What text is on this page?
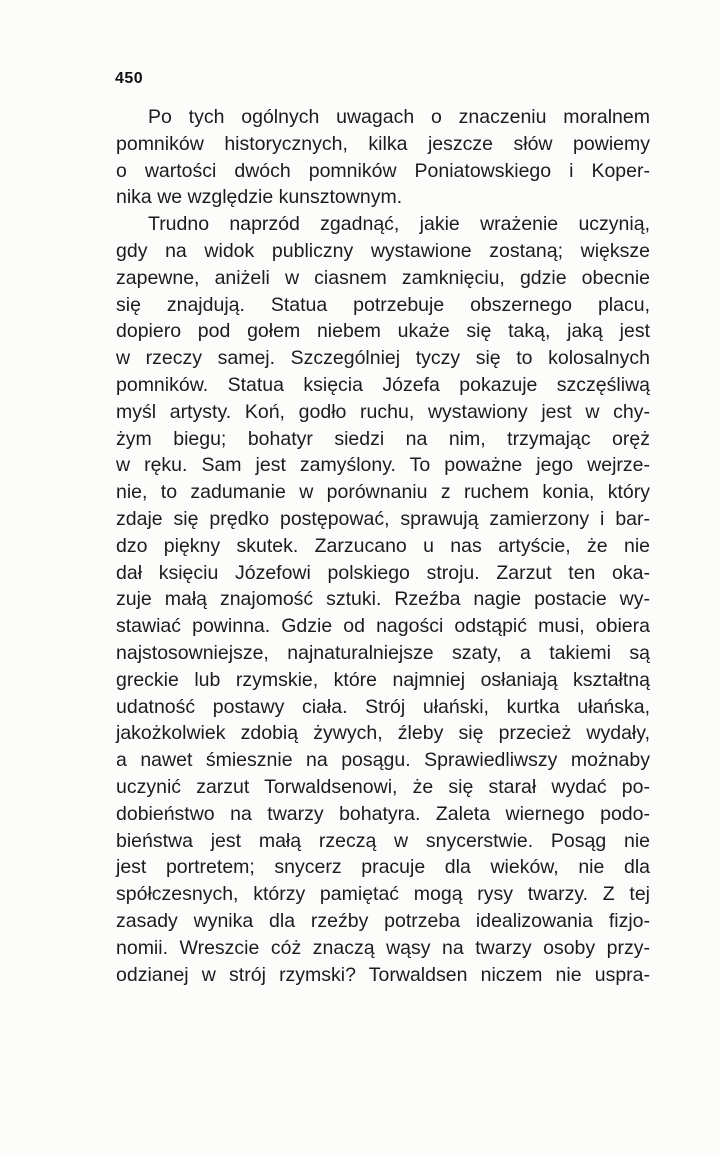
450
Po tych ogólnych uwagach o znaczeniu moralnem
pomników historycznych, kilka jeszcze słów powiemy
o wartości dwóch pomników Poniatowskiego i Koper-
nika we względzie kunsztownym.
Trudno naprzód zgadnąć, jakie wrażenie uczynią,
gdy na widok publiczny wystawione zostaną; większe
zapewne, aniżeli w ciasnem zamknięciu, gdzie obecnie
się znajdują. Statua potrzebuje obszernego placu,
dopiero pod gołem niebem ukaże się taką, jaką jest
w rzeczy samej. Szczególniej tyczy się to kolosalnych
pomników. Statua księcia Józefa pokazuje szczęśliwą
myśl artysty. Koń, godło ruchu, wystawiony jest w chy-
żym biegu; bohatyr siedzi na nim, trzymając oręż
w ręku. Sam jest zamyślony. To poważne jego wejrze-
nie, to zadumanie w porównaniu z ruchem konia, który
zdaje się prędko postępować, sprawują zamierzony i bar-
dzo piękny skutek. Zarzucano u nas artyście, że nie
dał księciu Józefowi polskiego stroju. Zarzut ten oka-
zuje małą znajomość sztuki. Rzeźba nagie postacie wy-
stawiać powinna. Gdzie od nagości odstąpić musi, obiera
najstosowniejsze, najnaturalniejsze szaty, a takiemi są
greckie lub rzymskie, które najmniej osłaniają kształtną
udatność postawy ciała. Strój ułański, kurtka ułańska,
jakożkolwiek zdobią żywych, źleby się przecież wydały,
a nawet śmiesznie na posągu. Sprawiedliwszy możnaby
uczynić zarzut Torwaldsenowi, że się starał wydać po-
dobieństwo na twarzy bohatyra. Zaleta wiernego podo-
bieństwa jest małą rzeczą w snycerstwie. Posąg nie
jest portretem; snycerz pracuje dla wieków, nie dla
spółczesnych, którzy pamiętać mogą rysy twarzy. Z tej
zasady wynika dla rzeźby potrzeba idealizowania fizjo-
nomii. Wreszcie cóż znaczą wąsy na twarzy osoby przy-
odzianej w strój rzymski? Torwaldsen niczem nie uspra-
